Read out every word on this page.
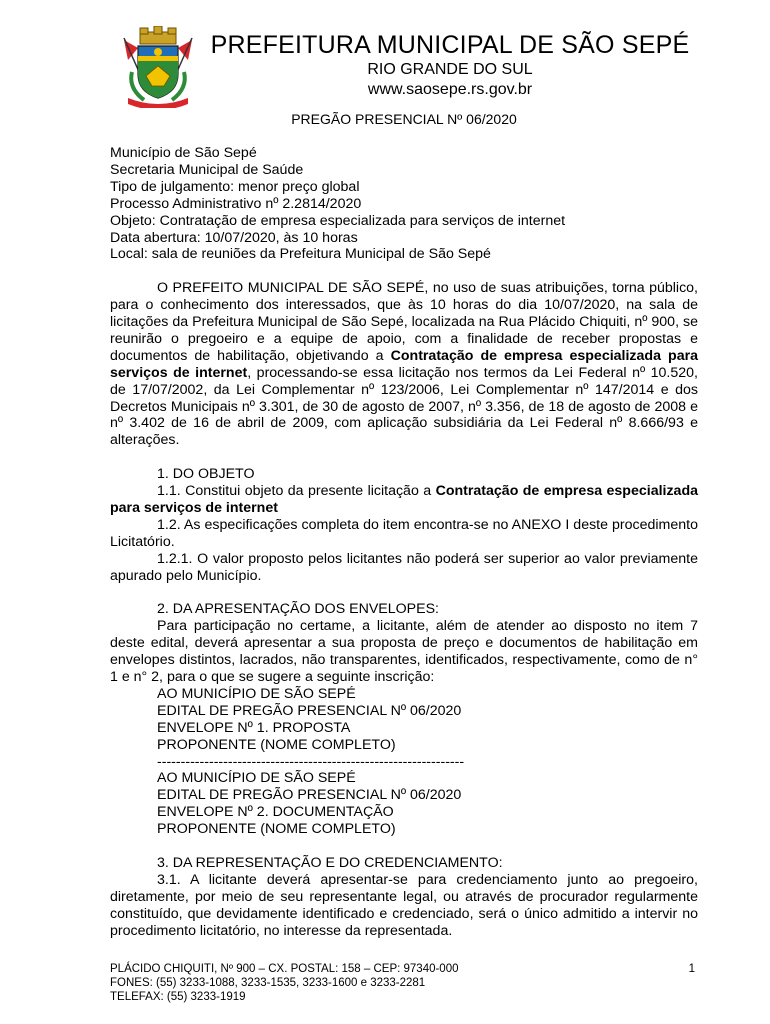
PREFEITURA MUNICIPAL DE SÃO SEPÉ
RIO GRANDE DO SUL
www.saosepe.rs.gov.br
PREGÃO PRESENCIAL Nº 06/2020

Município de São Sepé

Secretaria Municipal de Saúde

Tipo de julgamento: menor preço global

Processo Administrativo nº 2.2814/2020

Objeto: Contratação de empresa especializada para serviços de internet

Data abertura: 10/07/2020, às 10 horas

Local: sala de reuniões da Prefeitura Municipal de São Sepé

O PREFEITO MUNICIPAL DE SÃO SEPÉ, no uso de suas atribuições, torna público, para o conhecimento dos interessados, que às 10 horas do dia 10/07/2020, na sala de licitações da Prefeitura Municipal de São Sepé, localizada na Rua Plácido Chiquiti, nº 900, se reunirão o pregoeiro e a equipe de apoio, com a finalidade de receber propostas e documentos de habilitação, objetivando a Contratação de empresa especializada para serviços de internet, processando-se essa licitação nos termos da Lei Federal nº 10.520, de 17/07/2002, da Lei Complementar nº 123/2006, Lei Complementar nº 147/2014 e dos Decretos Municipais nº 3.301, de 30 de agosto de 2007, nº 3.356, de 18 de agosto de 2008 e nº 3.402 de 16 de abril de 2009, com aplicação subsidiária da Lei Federal nº 8.666/93 e alterações.

1. DO OBJETO

1.1. Constitui objeto da presente licitação a Contratação de empresa especializada para serviços de internet

1.2. As especificações completa do item encontra-se no ANEXO I deste procedimento Licitatório.

1.2.1. O valor proposto pelos licitantes não poderá ser superior ao valor previamente apurado pelo Município.

2. DA APRESENTAÇÃO DOS ENVELOPES:

Para participação no certame, a licitante, além de atender ao disposto no item 7 deste edital, deverá apresentar a sua proposta de preço e documentos de habilitação em envelopes distintos, lacrados, não transparentes, identificados, respectivamente, como de n° 1 e n° 2, para o que se sugere a seguinte inscrição:

AO MUNICÍPIO DE SÃO SEPÉ

EDITAL DE PREGÃO PRESENCIAL Nº 06/2020

ENVELOPE Nº 1. PROPOSTA

PROPONENTE (NOME COMPLETO)

-----------------------------------------------------------------

AO MUNICÍPIO DE SÃO SEPÉ

EDITAL DE PREGÃO PRESENCIAL Nº 06/2020

ENVELOPE Nº 2. DOCUMENTAÇÃO

PROPONENTE (NOME COMPLETO)

3. DA REPRESENTAÇÃO E DO CREDENCIAMENTO:

3.1. A licitante deverá apresentar-se para credenciamento junto ao pregoeiro, diretamente, por meio de seu representante legal, ou através de procurador regularmente constituído, que devidamente identificado e credenciado, será o único admitido a intervir no procedimento licitatório, no interesse da representada.

PLÁCIDO CHIQUITI, Nº 900 – CX. POSTAL: 158 – CEP: 97340-000
FONES: (55) 3233-1088, 3233-1535, 3233-1600 e 3233-2281
TELEFAX: (55) 3233-1919
1
